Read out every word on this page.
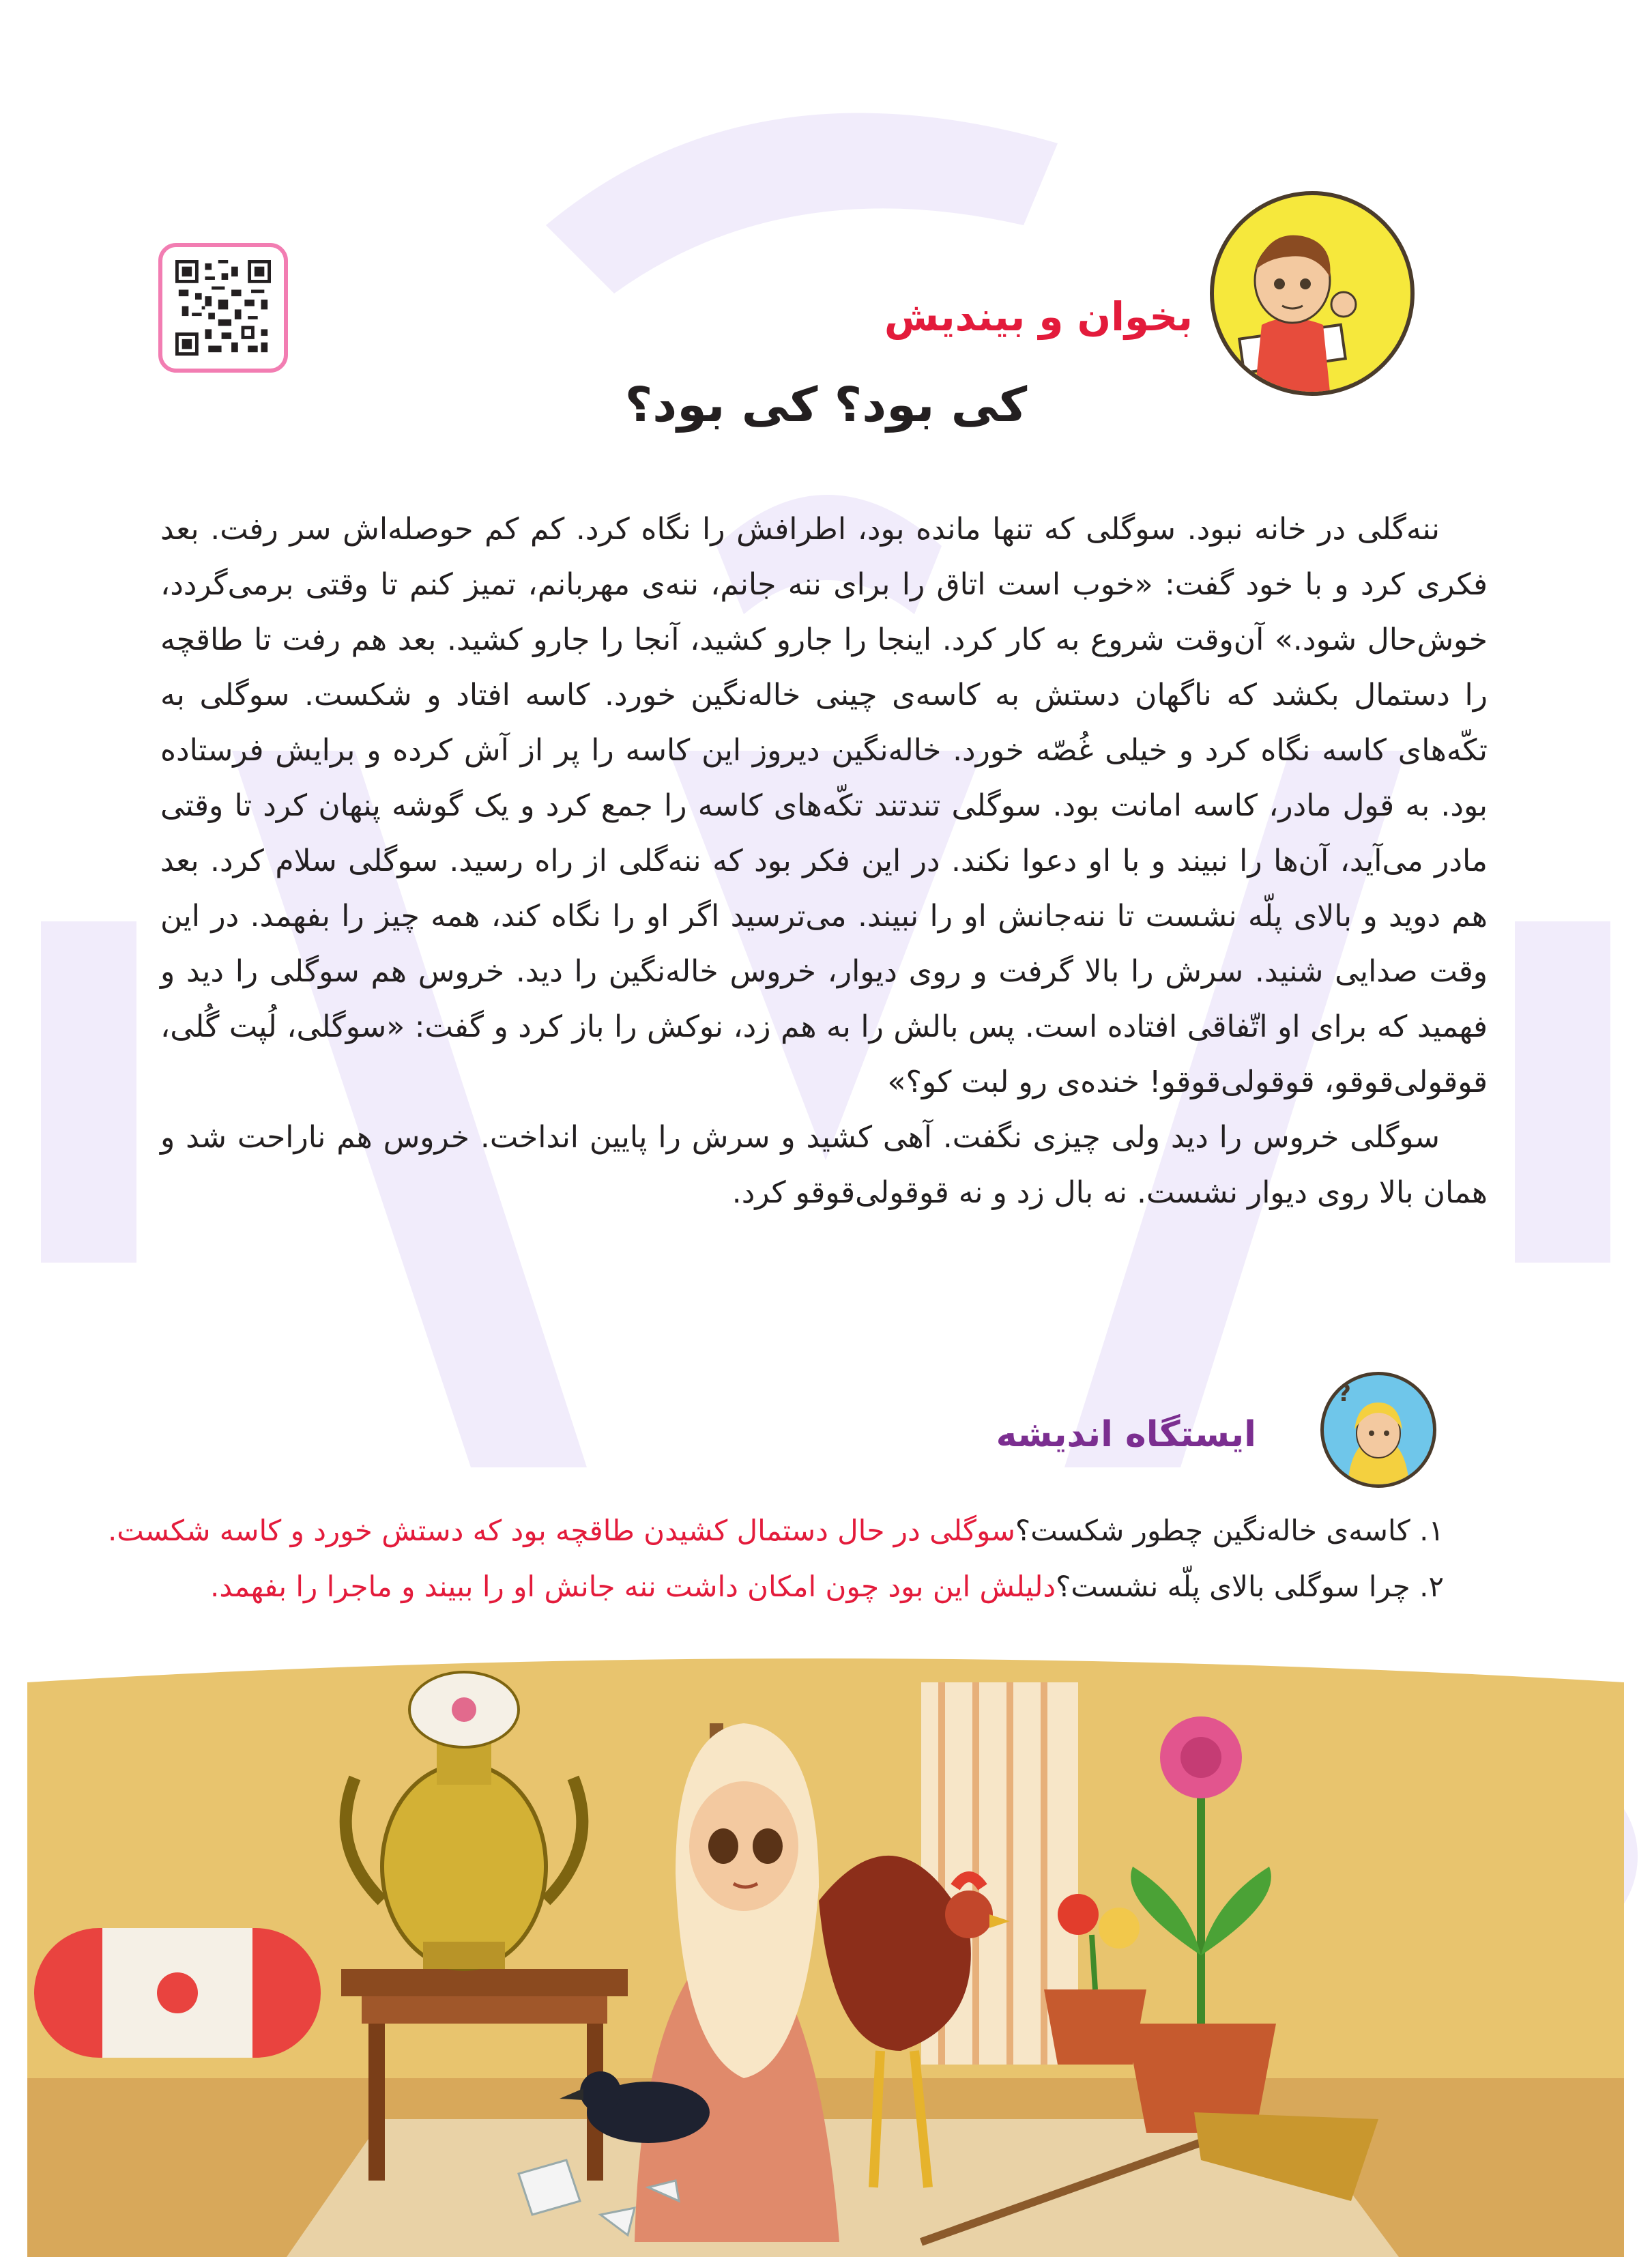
بخوان و بیندیش
کی بود؟ کی بود؟

ننه‌گلی در خانه نبود. سوگلی که تنها مانده بود، اطرافش را نگاه کرد. کم کم حوصله‌اش سر رفت. بعد فکری کرد و با خود گفت: «خوب است اتاق را برای ننه جانم، ننه‌ی مهربانم، تمیز کنم تا وقتی برمی‌گردد، خوش‌حال شود.» آن‌وقت شروع به کار کرد. اینجا را جارو کشید، آنجا را جارو کشید. بعد هم رفت تا طاقچه را دستمال بکشد که ناگهان دستش به کاسه‌ی چینی خاله‌نگین خورد. کاسه افتاد و شکست. سوگلی به تکّه‌های کاسه نگاه کرد و خیلی غُصّه خورد. خاله‌نگین دیروز این کاسه را پر از آش کرده و برایش فرستاده بود. به قول مادر، کاسه امانت بود. سوگلی تندتند تکّه‌های کاسه را جمع کرد و یک گوشه پنهان کرد تا وقتی مادر می‌آید، آن‌ها را نبیند و با او دعوا نکند. در این فکر بود که ننه‌گلی از راه رسید. سوگلی سلام کرد. بعد هم دوید و بالای پلّه نشست تا ننه‌جانش او را نبیند. می‌ترسید اگر او را نگاه کند، همه چیز را بفهمد. در این وقت صدایی شنید. سرش را بالا گرفت و روی دیوار، خروس خاله‌نگین را دید. خروس هم سوگلی را دید و فهمید که برای او اتّفاقی افتاده است. پس بالش را به هم زد، نوکش را باز کرد و گفت: «سوگلی، لُپت گُلی، قوقولی‌قوقو، قوقولی‌قوقو! خنده‌ی رو لبت کو؟»

سوگلی خروس را دید ولی چیزی نگفت. آهی کشید و سرش را پایین انداخت. خروس هم ناراحت شد و همان بالا روی دیوار نشست. نه بال زد و نه قوقولی‌قوقو کرد.

?
ایستگاه اندیشه
۱. کاسه‌ی خاله‌نگین چطور شکست؟سوگلی در حال دستمال کشیدن طاقچه بود که دستش خورد و کاسه شکست.
۲. چرا سوگلی بالای پلّه نشست؟دلیلش این بود چون امکان داشت ننه جانش او را ببیند و ماجرا را بفهمد.
